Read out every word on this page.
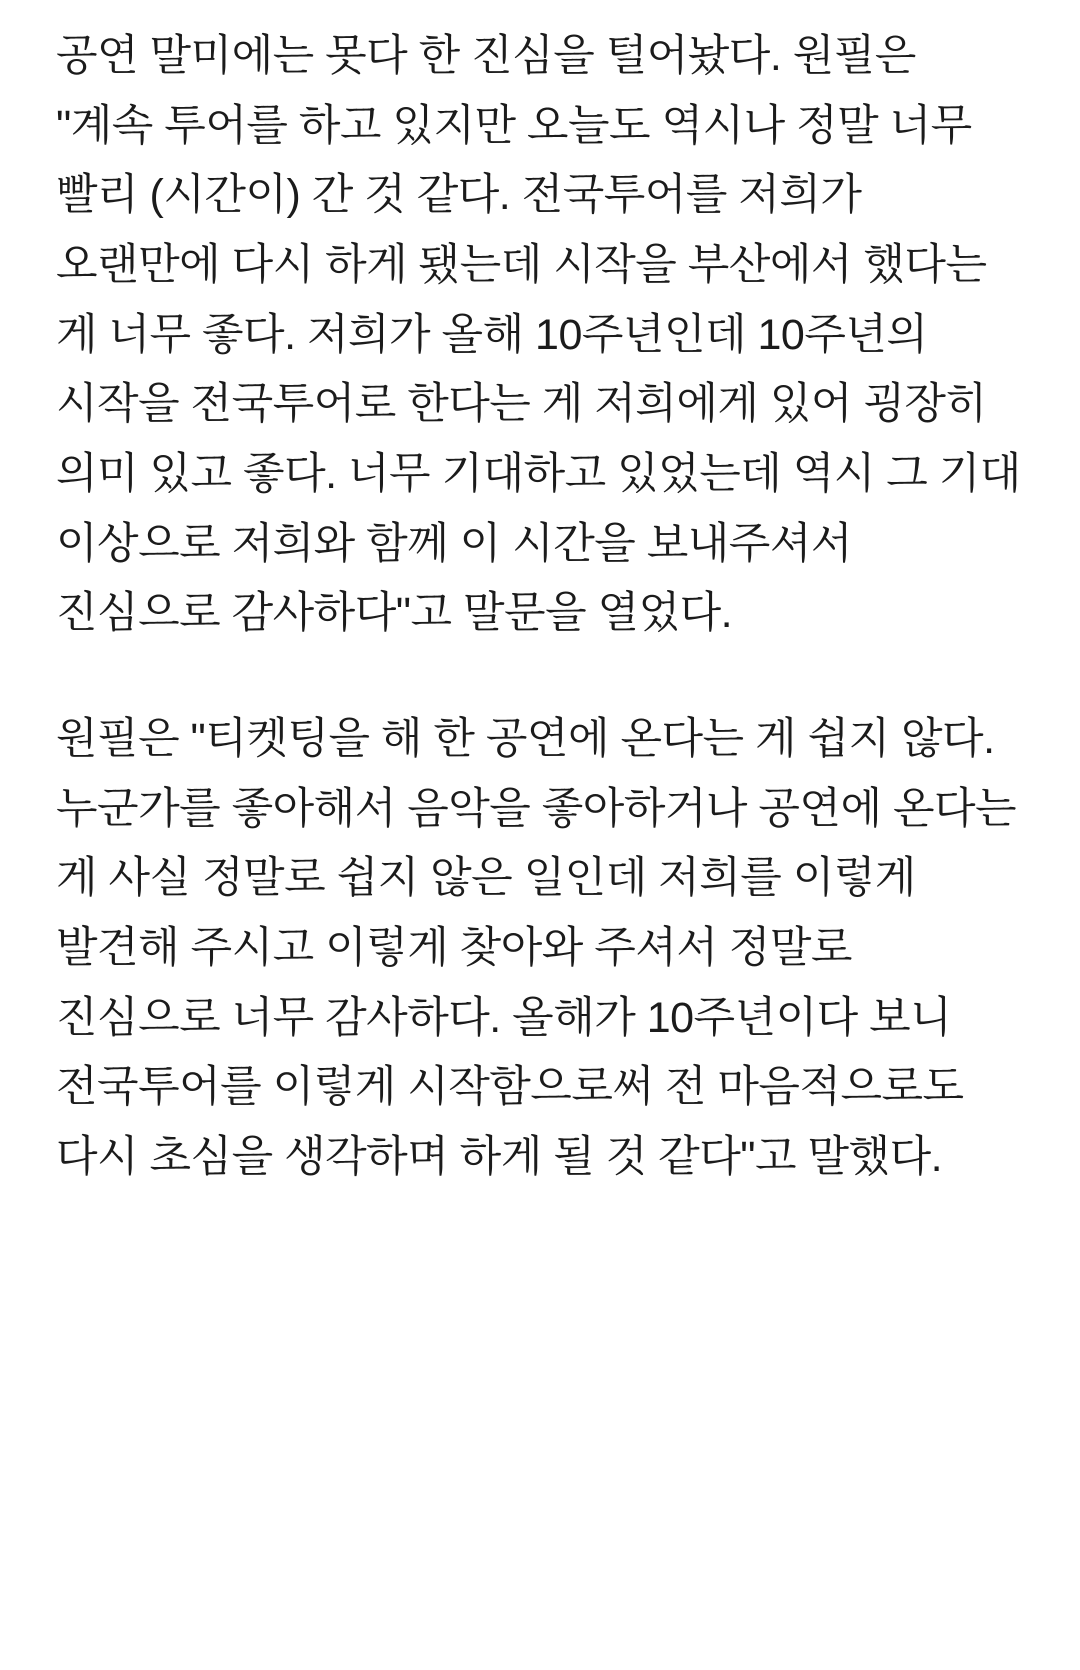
공연 말미에는 못다 한 진심을 털어놨다. 원필은 "계속 투어를 하고 있지만 오늘도 역시나 정말 너무 빨리 (시간이) 간 것 같다. 전국투어를 저희가 오랜만에 다시 하게 됐는데 시작을 부산에서 했다는 게 너무 좋다. 저희가 올해 10주년인데 10주년의 시작을 전국투어로 한다는 게 저희에게 있어 굉장히 의미 있고 좋다. 너무 기대하고 있었는데 역시 그 기대 이상으로 저희와 함께 이 시간을 보내주셔서 진심으로 감사하다"고 말문을 열었다.

원필은 "티켓팅을 해 한 공연에 온다는 게 쉽지 않다. 누군가를 좋아해서 음악을 좋아하거나 공연에 온다는 게 사실 정말로 쉽지 않은 일인데 저희를 이렇게 발견해 주시고 이렇게 찾아와 주셔서 정말로 진심으로 너무 감사하다. 올해가 10주년이다 보니 전국투어를 이렇게 시작함으로써 전 마음적으로도 다시 초심을 생각하며 하게 될 것 같다"고 말했다.
